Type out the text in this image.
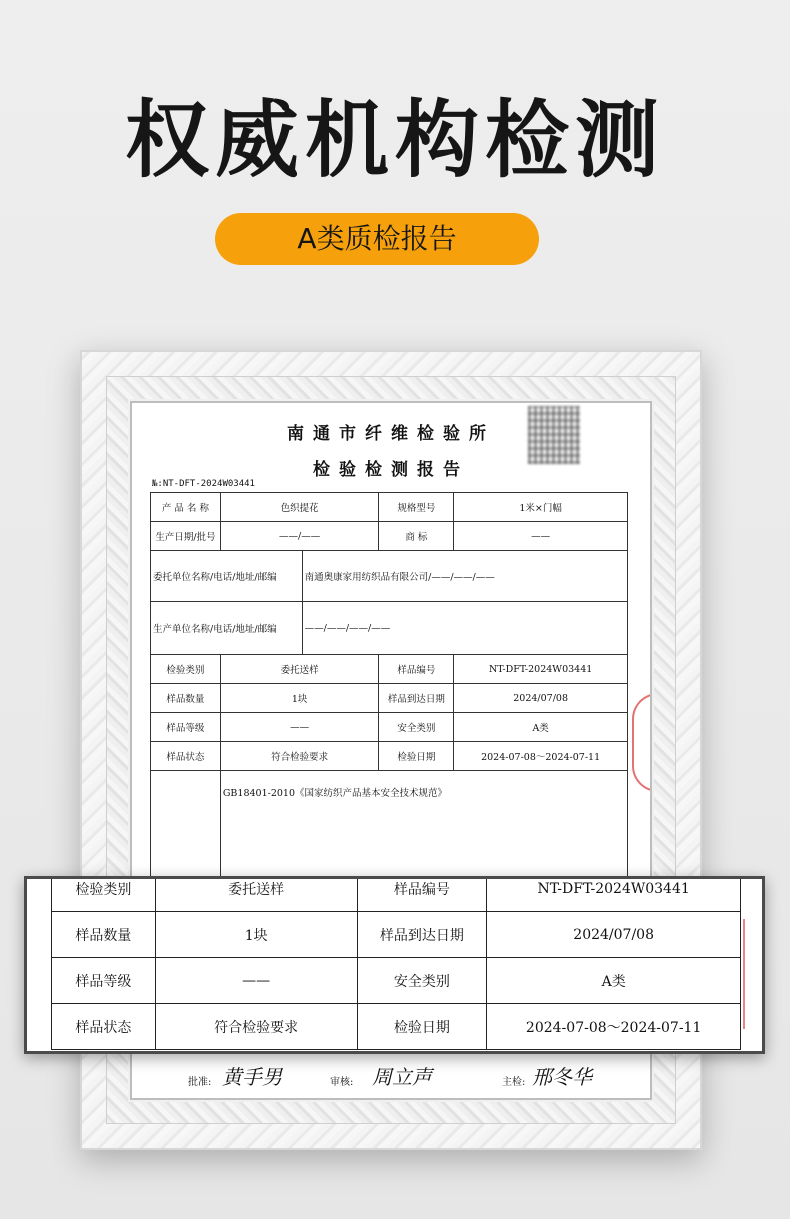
权威机构检测
A类质检报告
南通市纤维检验所
检验检测报告
№:NT-DFT-2024W03441
产 品 名 称	色织提花		规格型号	1米×门幅
生产日期/批号	——/——		商 标	——
委托单位名称/电话/地址/邮编		南通奥康家用纺织品有限公司/——/——/——		
生产单位名称/电话/地址/邮编		——/——/——/——		
检验类别	委托送样		样品编号	NT-DFT-2024W03441
样品数量	1块		样品到达日期	2024/07/08
样品等级	——		安全类别	A类
样品状态	符合检验要求		检验日期	2024-07-08～2024-07-11
	GB18401-2010《国家纺织产品基本安全技术规范》			
批准: 黄手男	审核: 周立声	主检: 邢冬华
检验类别	委托送样	样品编号	NT-DFT-2024W03441
样品数量	1块	样品到达日期	2024/07/08
样品等级	——	安全类别	A类
样品状态	符合检验要求	检验日期	2024-07-08～2024-07-11
